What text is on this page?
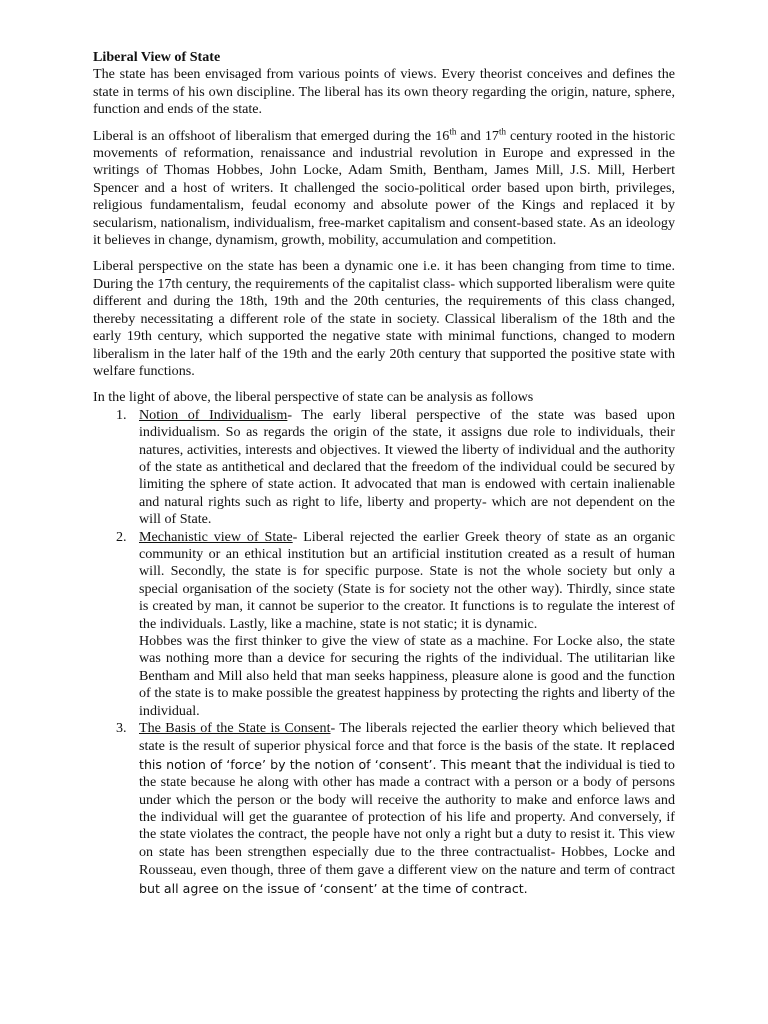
Liberal View of State

The state has been envisaged from various points of views. Every theorist conceives and defines the state in terms of his own discipline. The liberal has its own theory regarding the origin, nature, sphere, function and ends of the state.

Liberal is an offshoot of liberalism that emerged during the 16th and 17th century rooted in the historic movements of reformation, renaissance and industrial revolution in Europe and expressed in the writings of Thomas Hobbes, John Locke, Adam Smith, Bentham, James Mill, J.S. Mill, Herbert Spencer and a host of writers. It challenged the socio-political order based upon birth, privileges, religious fundamentalism, feudal economy and absolute power of the Kings and replaced it by secularism, nationalism, individualism, free-market capitalism and consent-based state. As an ideology it believes in change, dynamism, growth, mobility, accumulation and competition.

Liberal perspective on the state has been a dynamic one i.e. it has been changing from time to time. During the 17th century, the requirements of the capitalist class- which supported liberalism were quite different and during the 18th, 19th and the 20th centuries, the requirements of this class changed, thereby necessitating a different role of the state in society. Classical liberalism of the 18th and the early 19th century, which supported the negative state with minimal functions, changed to modern liberalism in the later half of the 19th and the early 20th century that supported the positive state with welfare functions.

In the light of above, the liberal perspective of state can be analysis as follows

1. Notion of Individualism- The early liberal perspective of the state was based upon individualism. So as regards the origin of the state, it assigns due role to individuals, their natures, activities, interests and objectives. It viewed the liberty of individual and the authority of the state as antithetical and declared that the freedom of the individual could be secured by limiting the sphere of state action. It advocated that man is endowed with certain inalienable and natural rights such as right to life, liberty and property- which are not dependent on the will of State.
2. Mechanistic view of State- Liberal rejected the earlier Greek theory of state as an organic community or an ethical institution but an artificial institution created as a result of human will. Secondly, the state is for specific purpose. State is not the whole society but only a special organisation of the society (State is for society not the other way). Thirdly, since state is created by man, it cannot be superior to the creator. It functions is to regulate the interest of the individuals. Lastly, like a machine, state is not static; it is dynamic.

Hobbes was the first thinker to give the view of state as a machine. For Locke also, the state was nothing more than a device for securing the rights of the individual. The utilitarian like Bentham and Mill also held that man seeks happiness, pleasure alone is good and the function of the state is to make possible the greatest happiness by protecting the rights and liberty of the individual.

3. The Basis of the State is Consent- The liberals rejected the earlier theory which believed that state is the result of superior physical force and that force is the basis of the state. It replaced this notion of ‘force’ by the notion of ‘consent’. This meant that the individual is tied to the state because he along with other has made a contract with a person or a body of persons under which the person or the body will receive the authority to make and enforce laws and the individual will get the guarantee of protection of his life and property. And conversely, if the state violates the contract, the people have not only a right but a duty to resist it. This view on state has been strengthen especially due to the three contractualist- Hobbes, Locke and Rousseau, even though, three of them gave a different view on the nature and term of contract but all agree on the issue of ‘consent’ at the time of contract.
